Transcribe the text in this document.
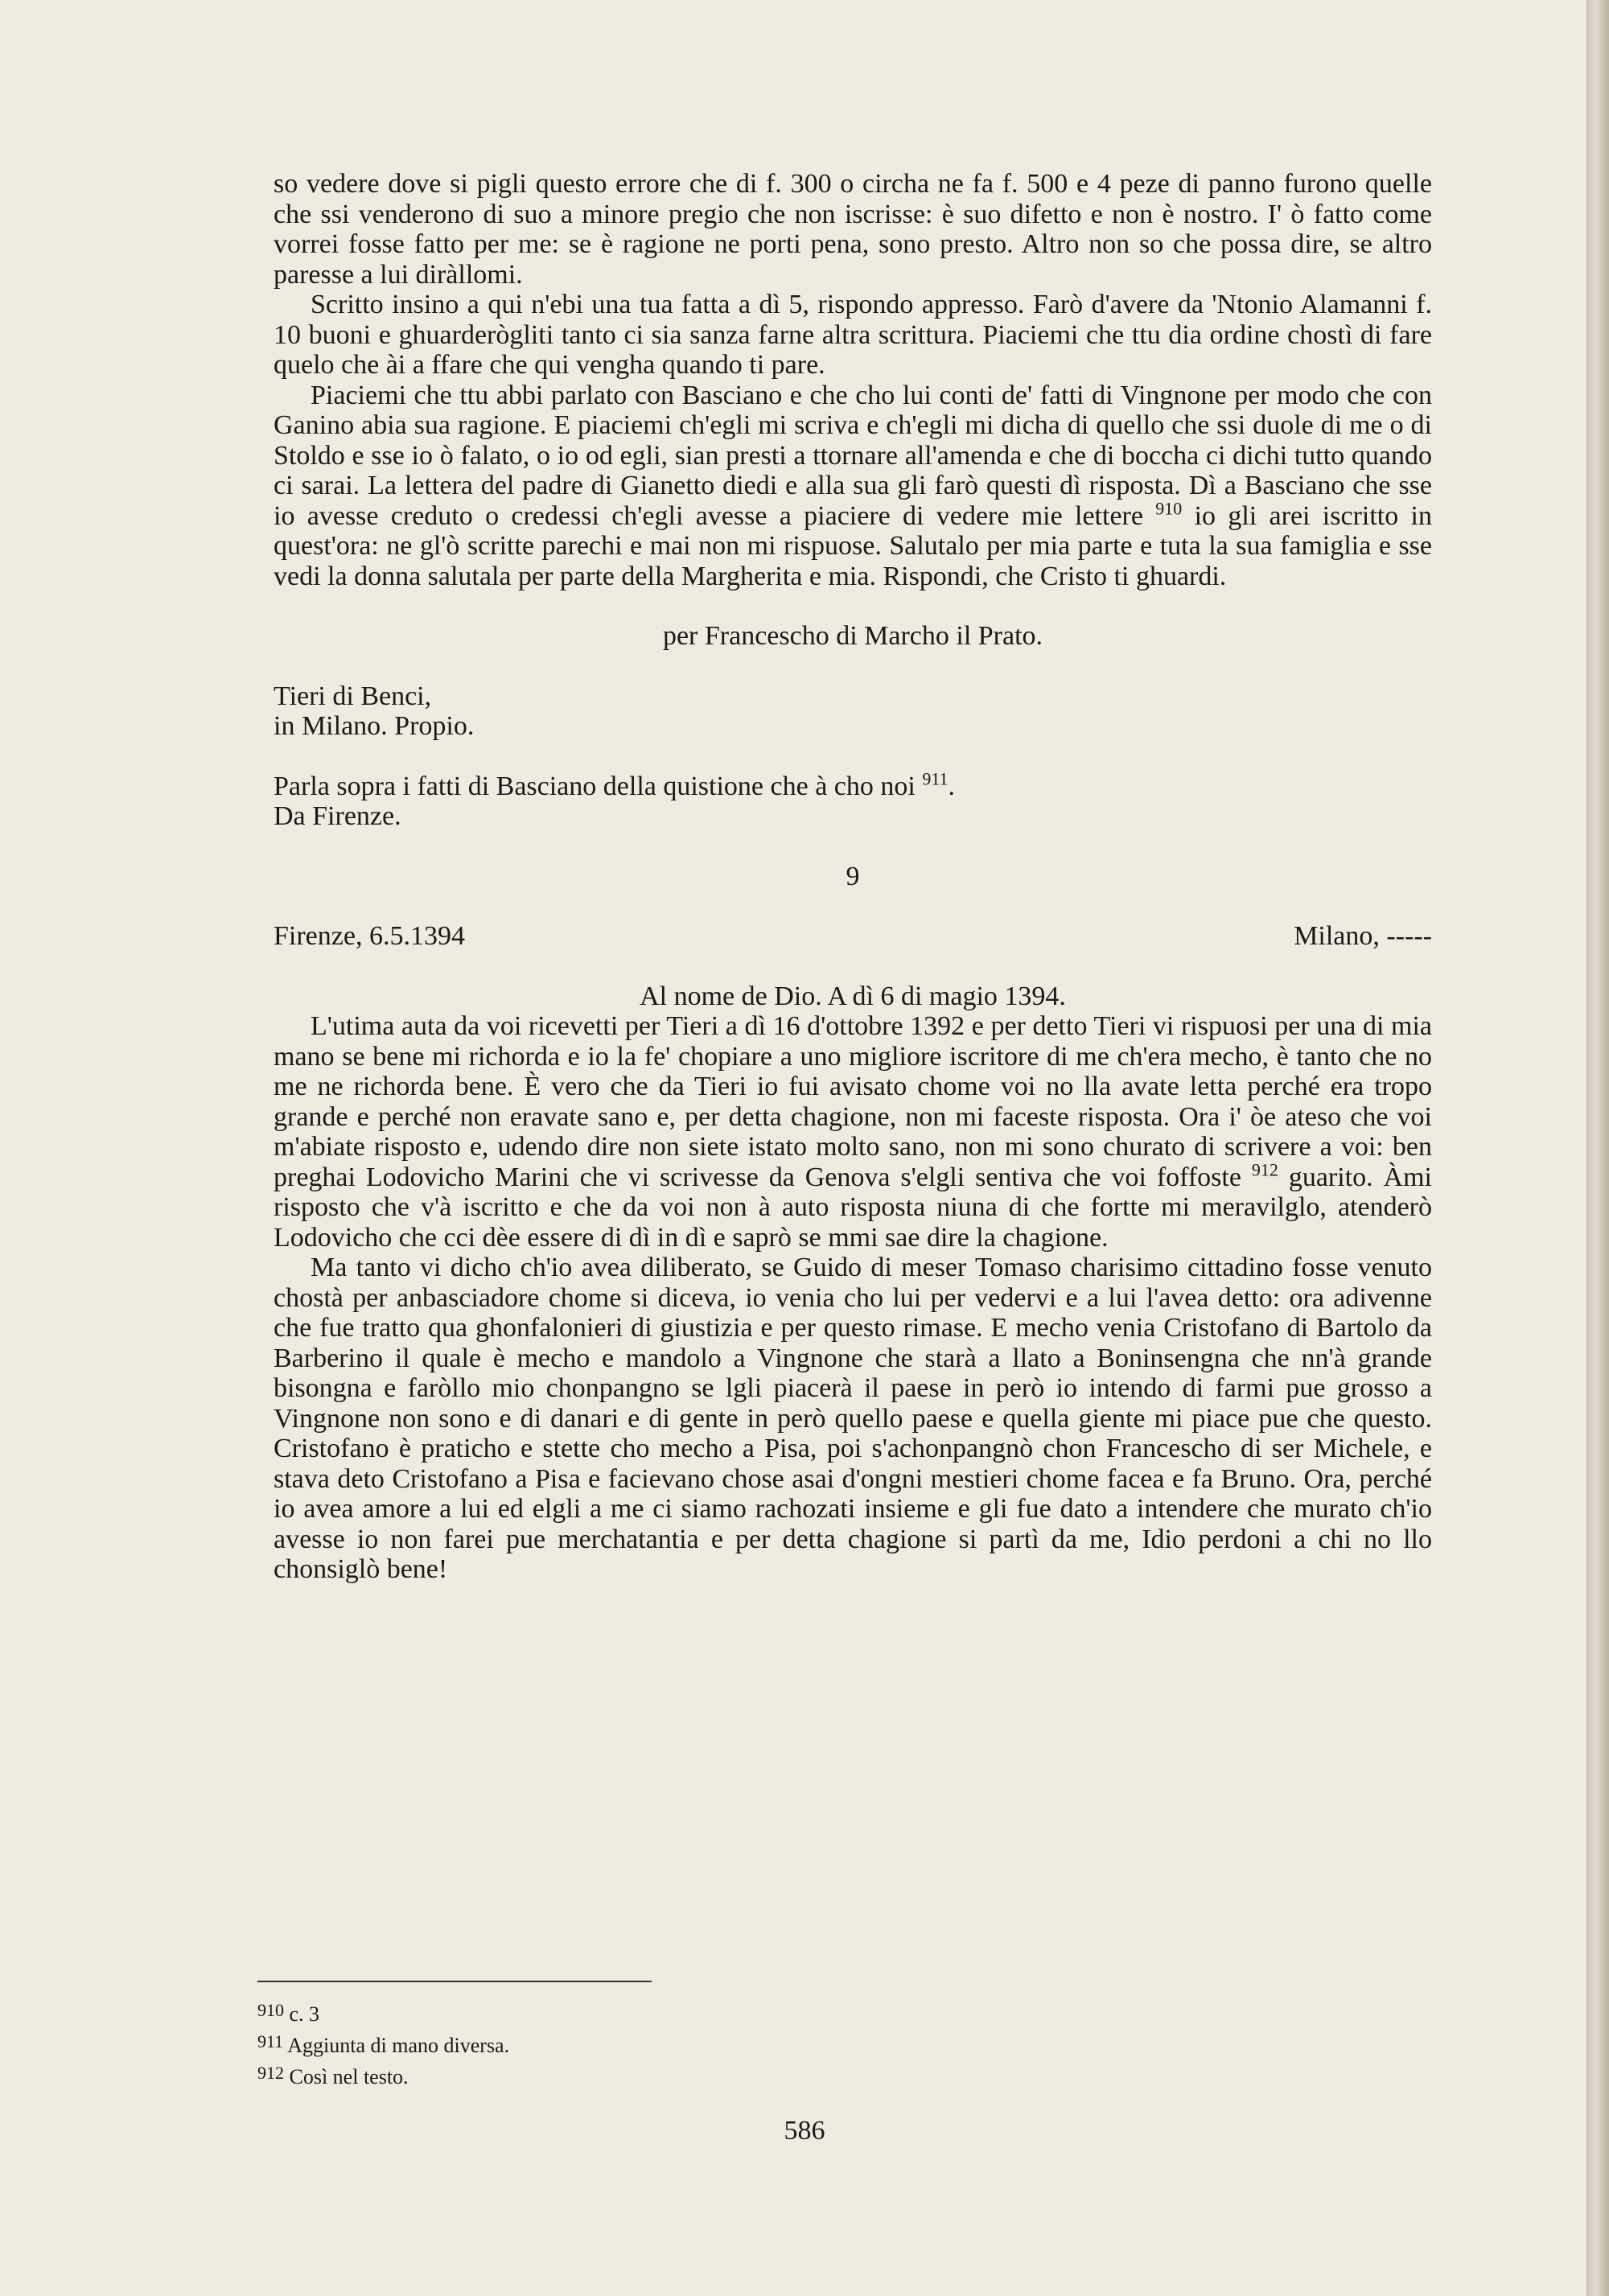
so vedere dove si pigli questo errore che di f. 300 o circha ne fa f. 500 e 4 peze di panno furono quelle che ssi venderono di suo a minore pregio che non iscrisse: è suo difetto e non è nostro. I' ò fatto come vorrei fosse fatto per me: se è ragione ne porti pena, sono presto. Altro non so che possa dire, se altro paresse a lui diràllomi.

Scritto insino a qui n'ebi una tua fatta a dì 5, rispondo appresso. Farò d'avere da 'Ntonio Alamanni f. 10 buoni e ghuarderògliti tanto ci sia sanza farne altra scrittura. Piaciemi che ttu dia ordine chostì di fare quelo che ài a ffare che qui vengha quando ti pare.

Piaciemi che ttu abbi parlato con Basciano e che cho lui conti de' fatti di Vingnone per modo che con Ganino abia sua ragione. E piaciemi ch'egli mi scriva e ch'egli mi dicha di quello che ssi duole di me o di Stoldo e sse io ò falato, o io od egli, sian presti a ttornare all'amenda e che di boccha ci dichi tutto quando ci sarai. La lettera del padre di Gianetto diedi e alla sua gli farò questi dì risposta. Dì a Basciano che sse io avesse creduto o credessi ch'egli avesse a piaciere di vedere mie lettere $^{910}$ io gli arei iscritto in quest'ora: ne gl'ò scritte parechi e mai non mi rispuose. Salutalo per mia parte e tuta la sua famiglia e sse vedi la donna salutala per parte della Margherita e mia. Rispondi, che Cristo ti ghuardi.

per Francescho di Marcho il Prato.

Tieri di Benci,

in Milano. Propio.

Parla sopra i fatti di Basciano della quistione che à cho noi $^{911}$.

Da Firenze.

9

Firenze, 6.5.1394	Milano, -----

Al nome de Dio. A dì 6 di magio 1394.

L'utima auta da voi ricevetti per Tieri a dì 16 d'ottobre 1392 e per detto Tieri vi rispuosi per una di mia mano se bene mi richorda e io la fe' chopiare a uno migliore iscritore di me ch'era mecho, è tanto che no me ne richorda bene. È vero che da Tieri io fui avisato chome voi no lla avate letta perché era tropo grande e perché non eravate sano e, per detta chagione, non mi faceste risposta. Ora i' òe ateso che voi m'abiate risposto e, udendo dire non siete istato molto sano, non mi sono churato di scrivere a voi: ben preghai Lodovicho Marini che vi scrivesse da Genova s'elgli sentiva che voi foffoste $^{912}$ guarito. Àmi risposto che v'à iscritto e che da voi non à auto risposta niuna di che fortte mi meravilglo, atenderò Lodovicho che cci dèe essere di dì in dì e saprò se mmi sae dire la chagione.

Ma tanto vi dicho ch'io avea diliberato, se Guido di meser Tomaso charisimo cittadino fosse venuto chostà per anbasciadore chome si diceva, io venia cho lui per vedervi e a lui l'avea detto: ora adivenne che fue tratto qua ghonfalonieri di giustizia e per questo rimase. E mecho venia Cristofano di Bartolo da Barberino il quale è mecho e mandolo a Vingnone che starà a llato a Boninsengna che nn'à grande bisongna e faròllo mio chonpangno se lgli piacerà il paese in però io intendo di farmi pue grosso a Vingnone non sono e di danari e di gente in però quello paese e quella giente mi piace pue che questo. Cristofano è praticho e stette cho mecho a Pisa, poi s'achonpangnò chon Francescho di ser Michele, e stava deto Cristofano a Pisa e facievano chose asai d'ongni mestieri chome facea e fa Bruno. Ora, perché io avea amore a lui ed elgli a me ci siamo rachozati insieme e gli fue dato a intendere che murato ch'io avesse io non farei pue merchatantia e per detta chagione si partì da me, Idio perdoni a chi no llo chonsiglò bene!

$^{910}$ c. 3
$^{911}$ Aggiunta di mano diversa.
$^{912}$ Così nel testo.
586
